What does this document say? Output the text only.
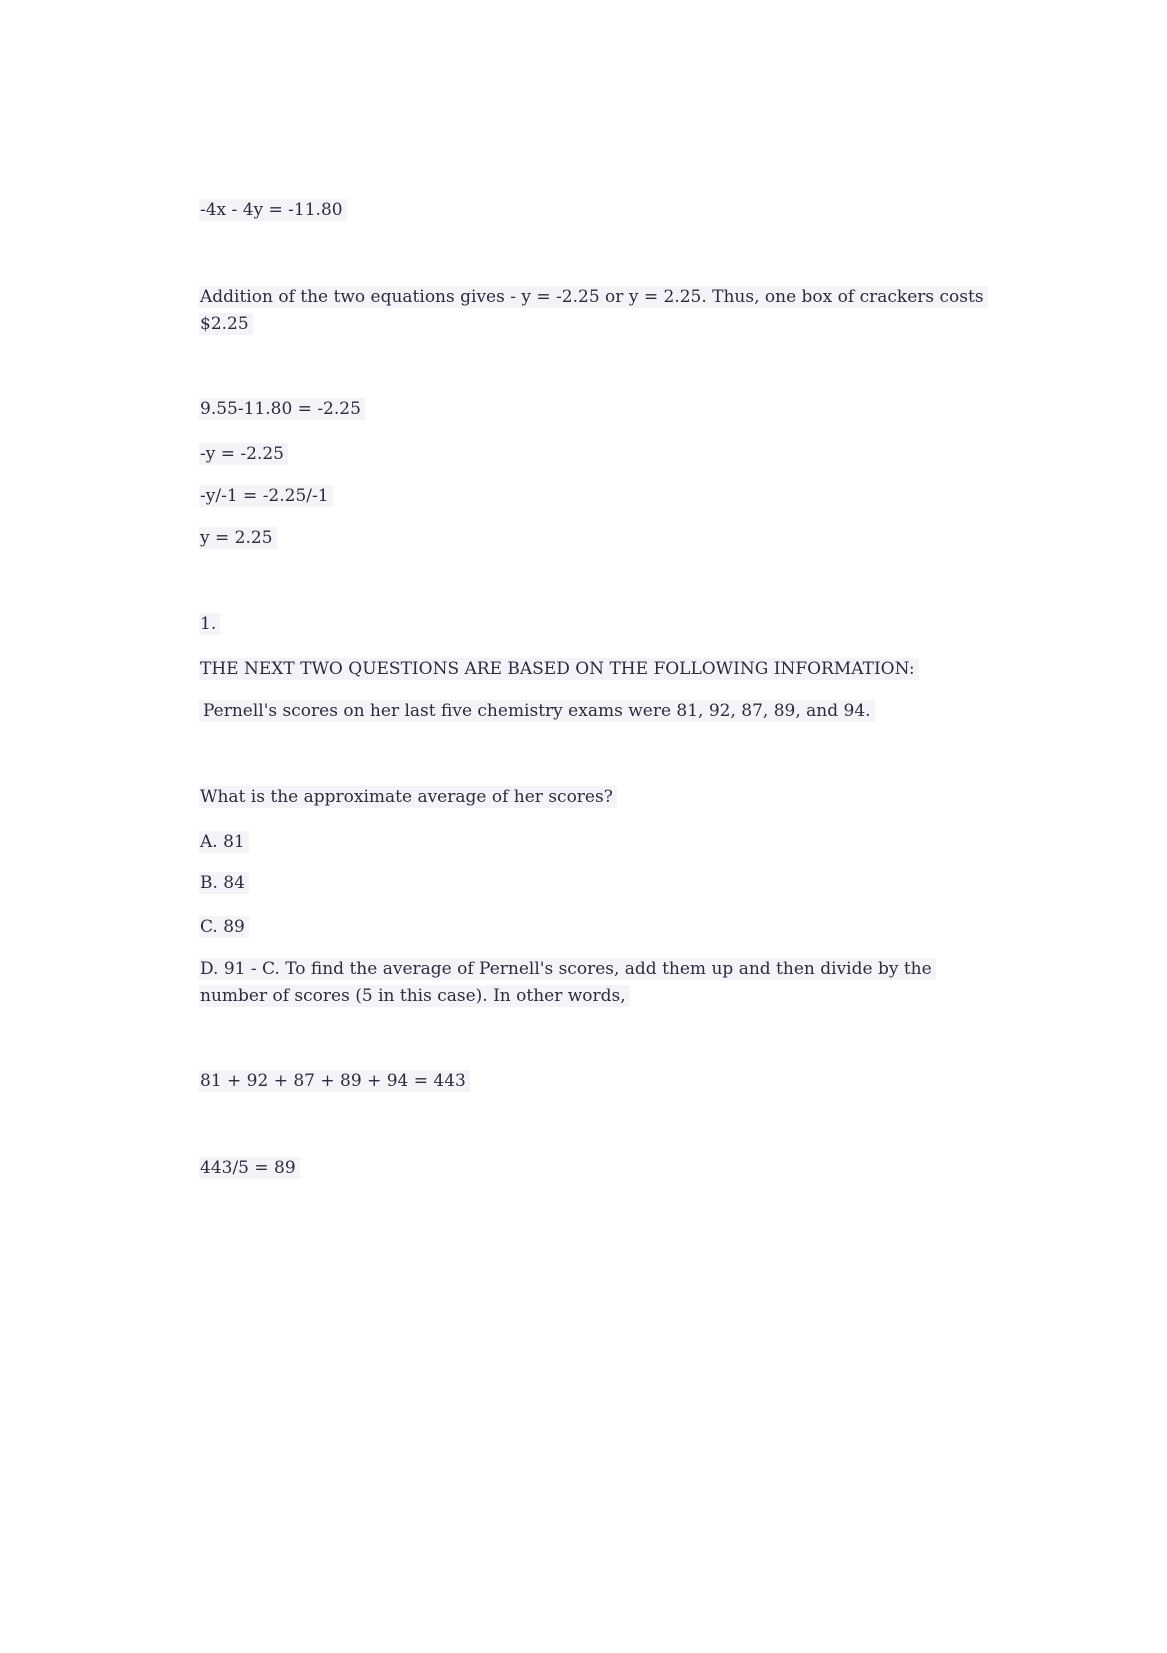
-4x - 4y = -11.80
Addition of the two equations gives - y = -2.25 or y = 2.25. Thus, one box of crackers costs
$2.25
9.55-11.80 = -2.25
-y = -2.25
-y/-1 = -2.25/-1
y = 2.25
1.
THE NEXT TWO QUESTIONS ARE BASED ON THE FOLLOWING INFORMATION:
Pernell's scores on her last five chemistry exams were 81, 92, 87, 89, and 94.
What is the approximate average of her scores?
A. 81
B. 84
C. 89
D. 91 - C. To find the average of Pernell's scores, add them up and then divide by the
number of scores (5 in this case). In other words,
81 + 92 + 87 + 89 + 94 = 443
443/5 = 89
